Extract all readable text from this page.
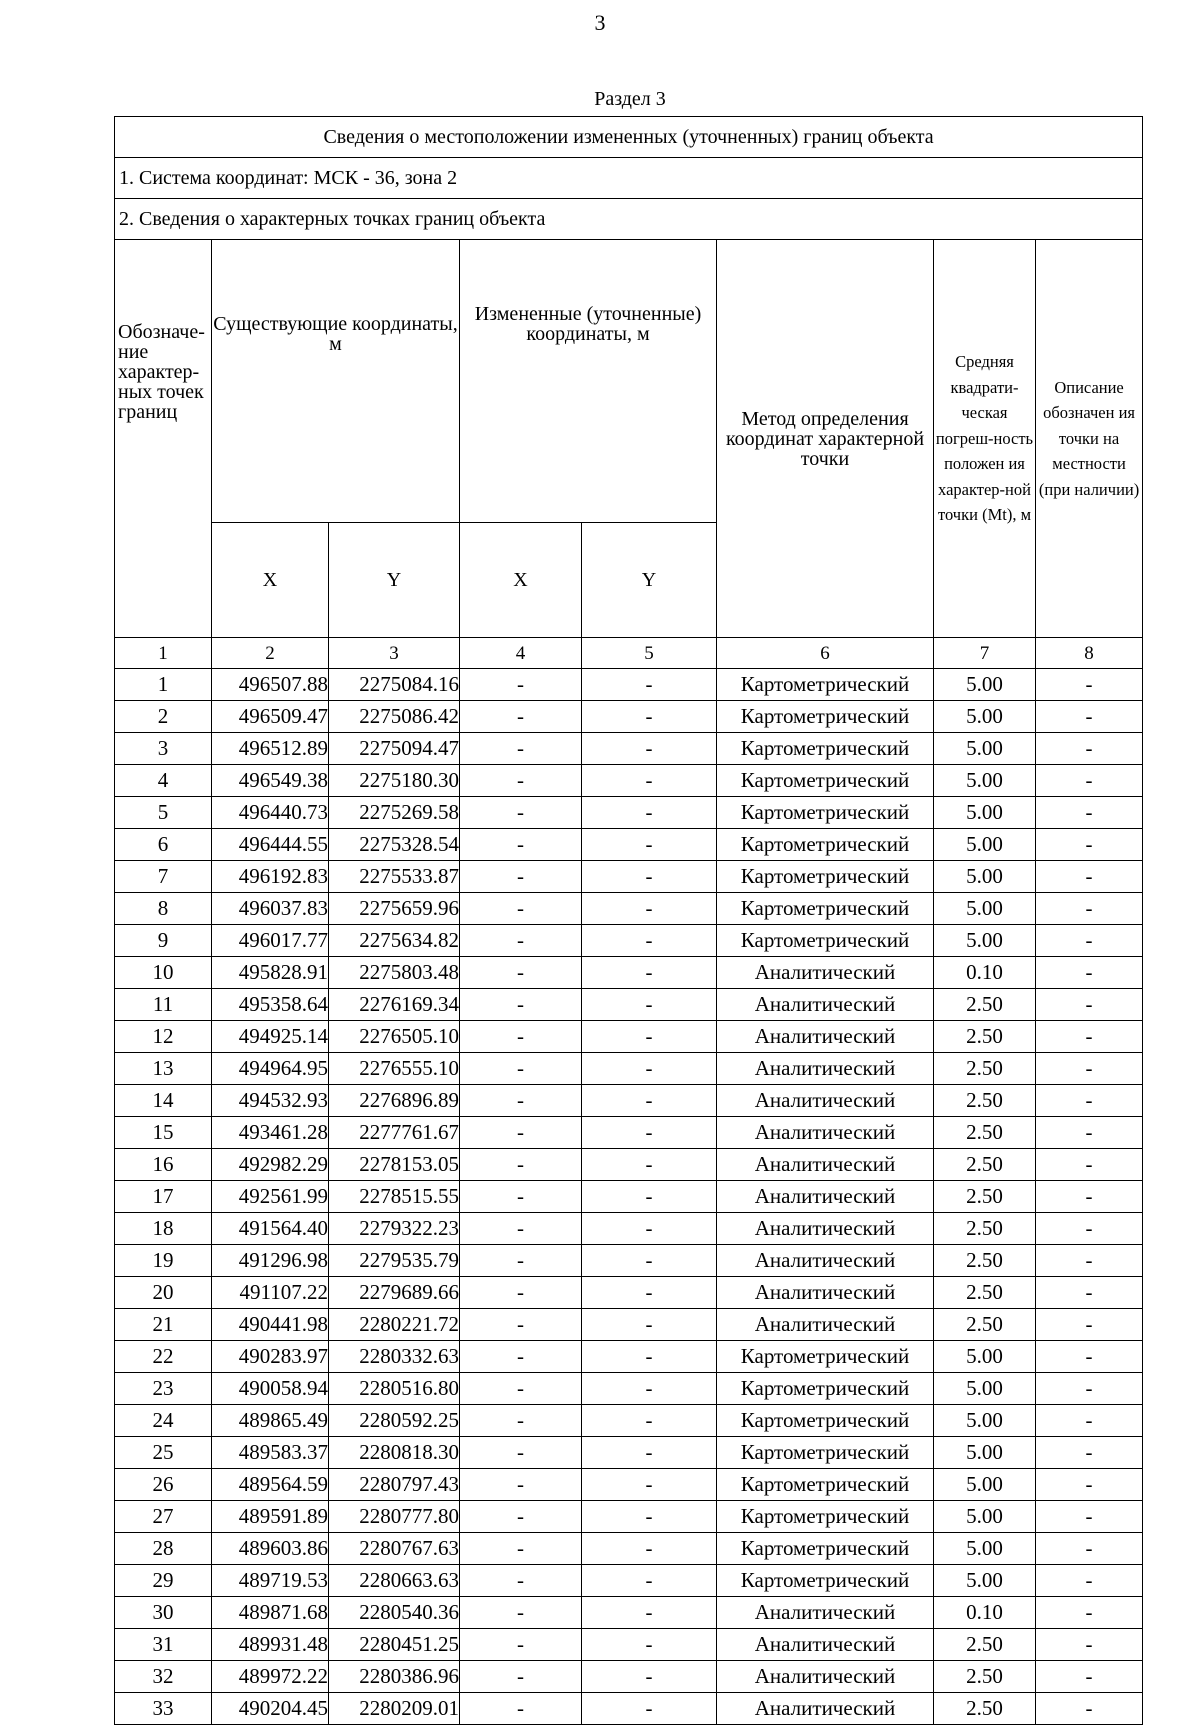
3
Раздел 3
Сведения о местоположении измененных (уточненных) границ объекта							
1. Система координат: МСК - 36, зона 2							
2. Сведения о характерных точках границ объекта							
Обозначе-ние характер-ных точек границ	Существующие координаты, м		Измененные (уточненные) координаты, м		Метод определения координат характерной точки	Средняя квадрати-ческая погреш-ность положен ия характер-ной точки (Mt), м	Описание обозначен ия точки на местности (при наличии)
	X	Y	X	Y			
1	2	3	4	5	6	7	8
1	496507.88	2275084.16	-	-	Картометрический	5.00	-
2	496509.47	2275086.42	-	-	Картометрический	5.00	-
3	496512.89	2275094.47	-	-	Картометрический	5.00	-
4	496549.38	2275180.30	-	-	Картометрический	5.00	-
5	496440.73	2275269.58	-	-	Картометрический	5.00	-
6	496444.55	2275328.54	-	-	Картометрический	5.00	-
7	496192.83	2275533.87	-	-	Картометрический	5.00	-
8	496037.83	2275659.96	-	-	Картометрический	5.00	-
9	496017.77	2275634.82	-	-	Картометрический	5.00	-
10	495828.91	2275803.48	-	-	Аналитический	0.10	-
11	495358.64	2276169.34	-	-	Аналитический	2.50	-
12	494925.14	2276505.10	-	-	Аналитический	2.50	-
13	494964.95	2276555.10	-	-	Аналитический	2.50	-
14	494532.93	2276896.89	-	-	Аналитический	2.50	-
15	493461.28	2277761.67	-	-	Аналитический	2.50	-
16	492982.29	2278153.05	-	-	Аналитический	2.50	-
17	492561.99	2278515.55	-	-	Аналитический	2.50	-
18	491564.40	2279322.23	-	-	Аналитический	2.50	-
19	491296.98	2279535.79	-	-	Аналитический	2.50	-
20	491107.22	2279689.66	-	-	Аналитический	2.50	-
21	490441.98	2280221.72	-	-	Аналитический	2.50	-
22	490283.97	2280332.63	-	-	Картометрический	5.00	-
23	490058.94	2280516.80	-	-	Картометрический	5.00	-
24	489865.49	2280592.25	-	-	Картометрический	5.00	-
25	489583.37	2280818.30	-	-	Картометрический	5.00	-
26	489564.59	2280797.43	-	-	Картометрический	5.00	-
27	489591.89	2280777.80	-	-	Картометрический	5.00	-
28	489603.86	2280767.63	-	-	Картометрический	5.00	-
29	489719.53	2280663.63	-	-	Картометрический	5.00	-
30	489871.68	2280540.36	-	-	Аналитический	0.10	-
31	489931.48	2280451.25	-	-	Аналитический	2.50	-
32	489972.22	2280386.96	-	-	Аналитический	2.50	-
33	490204.45	2280209.01	-	-	Аналитический	2.50	-
